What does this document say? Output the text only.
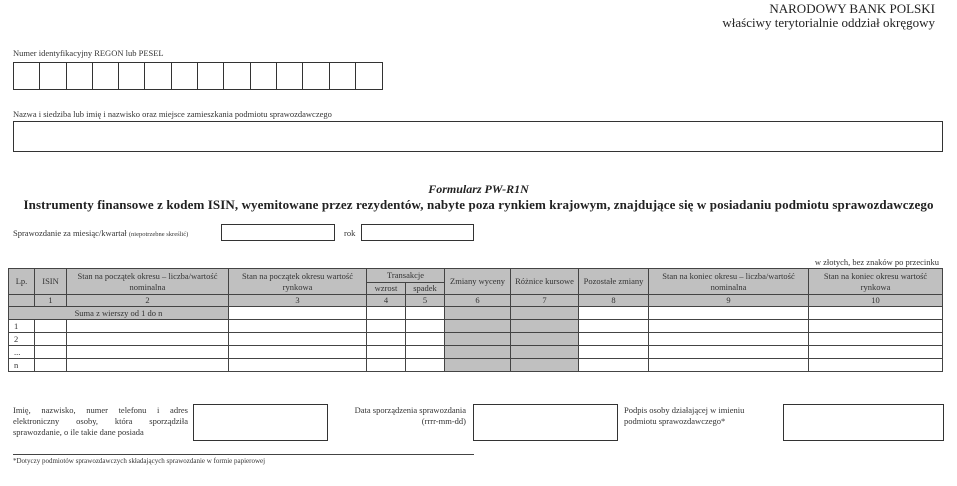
NARODOWY BANK POLSKI
właściwy terytorialnie oddział okręgowy
Numer identyfikacyjny REGON lub PESEL
Nazwa i siedziba lub imię i nazwisko oraz miejsce zamieszkania podmiotu sprawozdawczego
Formularz PW-R1N
Instrumenty finansowe z kodem ISIN, wyemitowane przez rezydentów, nabyte poza rynkiem krajowym, znajdujące się w posiadaniu podmiotu sprawozdawczego
Sprawozdanie za miesiąc/kwartał (niepotrzebne skreślić)	rok
w złotych, bez znaków po przecinku
Lp.	ISIN	Stan na początek okresu – liczba/wartość nominalna	Stan na początek okresu wartość rynkowa	Transakcje		Zmiany wyceny	Różnice kursowe	Pozostałe zmiany	Stan na koniec okresu – liczba/wartość nominalna	Stan na koniec okresu wartość rynkowa
				wzrost	spadek					
	1	2	3	4	5	6	7	8	9	10
Suma z wierszy od 1 do n										
1										
2										
...										
n										
Imię, nazwisko, numer telefonu i adres elektroniczny osoby, która sporządziła sprawozdanie, o ile takie dane posiada
Data sporządzenia sprawozdania
(rrrr-mm-dd)
Podpis osoby działającej w imieniu podmiotu sprawozdawczego*
*Dotyczy podmiotów sprawozdawczych składających sprawozdanie w formie papierowej
